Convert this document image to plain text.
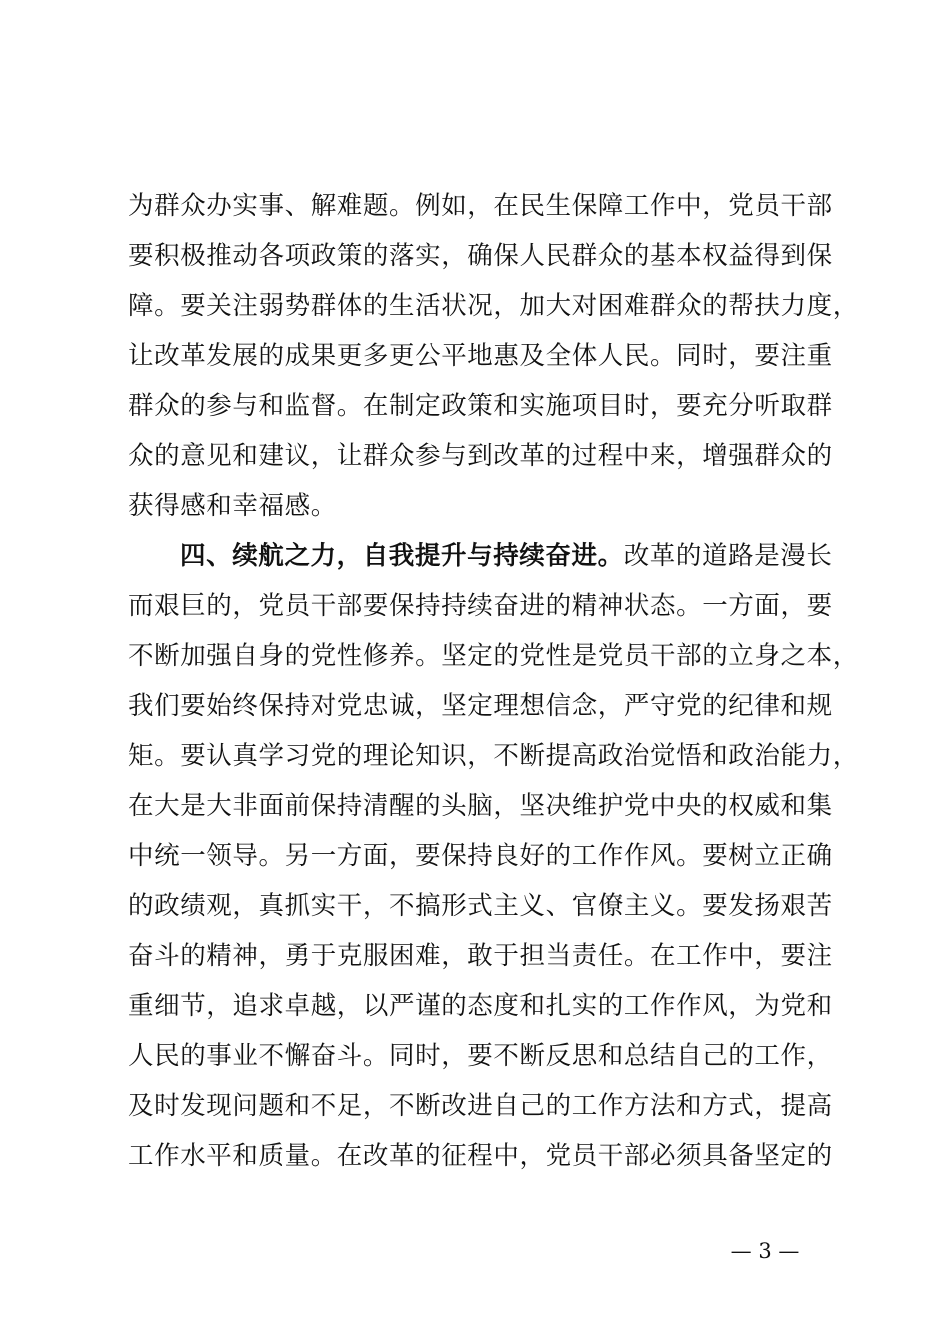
为群众办实事、解难题。例如，在民生保障工作中，党员干部
要积极推动各项政策的落实，确保人民群众的基本权益得到保
障。要关注弱势群体的生活状况，加大对困难群众的帮扶力度，
让改革发展的成果更多更公平地惠及全体人民。同时，要注重
群众的参与和监督。在制定政策和实施项目时，要充分听取群
众的意见和建议，让群众参与到改革的过程中来，增强群众的
获得感和幸福感。
四、续航之力，自我提升与持续奋进。改革的道路是漫长
而艰巨的，党员干部要保持持续奋进的精神状态。一方面，要
不断加强自身的党性修养。坚定的党性是党员干部的立身之本，
我们要始终保持对党忠诚，坚定理想信念，严守党的纪律和规
矩。要认真学习党的理论知识，不断提高政治觉悟和政治能力，
在大是大非面前保持清醒的头脑，坚决维护党中央的权威和集
中统一领导。另一方面，要保持良好的工作作风。要树立正确
的政绩观，真抓实干，不搞形式主义、官僚主义。要发扬艰苦
奋斗的精神，勇于克服困难，敢于担当责任。在工作中，要注
重细节，追求卓越，以严谨的态度和扎实的工作作风，为党和
人民的事业不懈奋斗。同时，要不断反思和总结自己的工作，
及时发现问题和不足，不断改进自己的工作方法和方式，提高
工作水平和质量。在改革的征程中，党员干部必须具备坚定的
— 3 —
